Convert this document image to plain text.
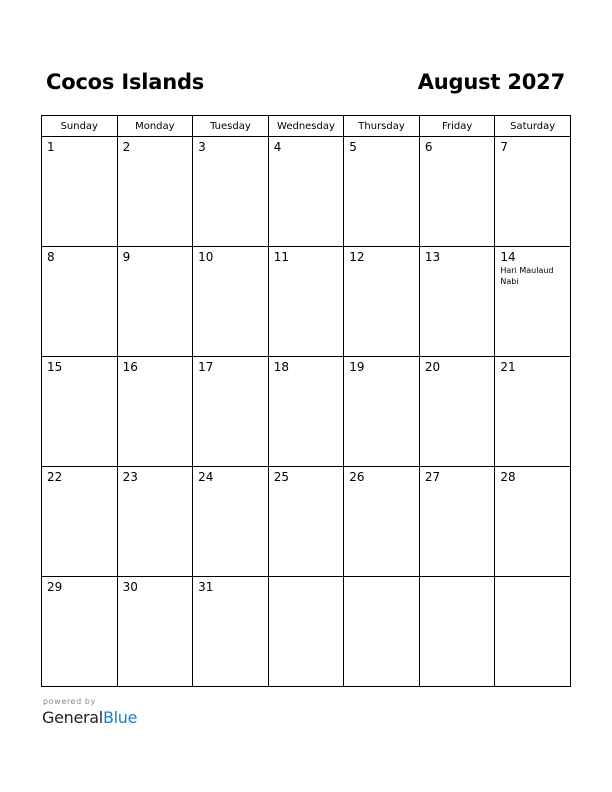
Cocos Islands	August 2027
Sunday	Monday	Tuesday	Wednesday	Thursday	Friday	Saturday

1	2	3	4	5	6	7

8	9	10	11	12	13	14
Hari Maulaud Nabi

15	16	17	18	19	20	21

22	23	24	25	26	27	28

29	30	31				

powered by
GeneralBlue
